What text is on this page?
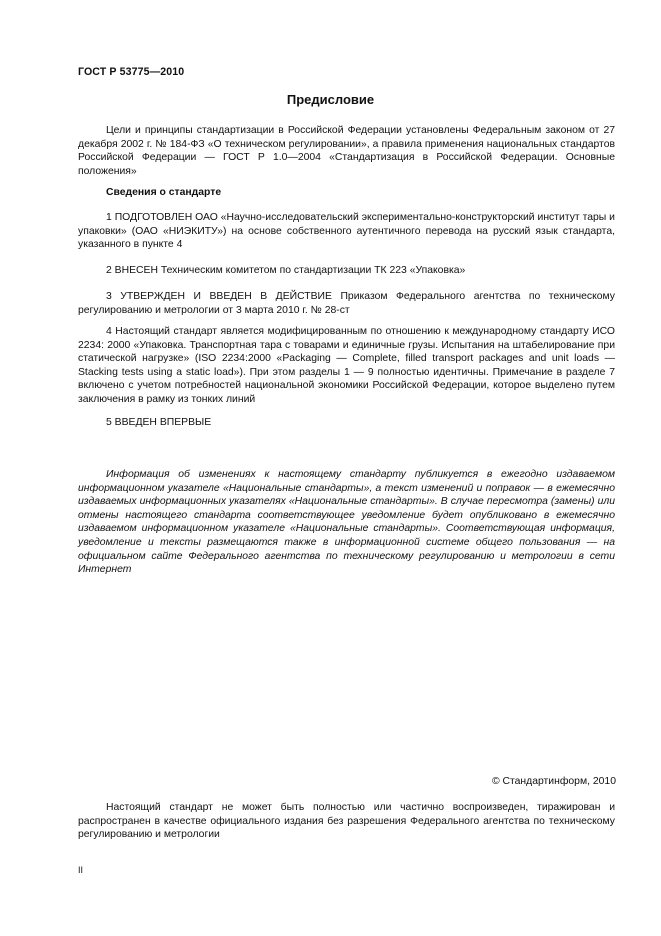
ГОСТ Р 53775—2010
Предисловие

Цели и принципы стандартизации в Российской Федерации установлены Федеральным законом от 27 декабря 2002 г. № 184-ФЗ «О техническом регулировании», а правила применения национальных стандартов Российской Федерации — ГОСТ Р 1.0—2004 «Стандартизация в Российской Федерации. Основные положения»

Сведения о стандарте

1 ПОДГОТОВЛЕН ОАО «Научно-исследовательский экспериментально-конструкторский институт тары и упаковки» (ОАО «НИЭКИТУ») на основе собственного аутентичного перевода на русский язык стандарта, указанного в пункте 4

2 ВНЕСЕН Техническим комитетом по стандартизации ТК 223 «Упаковка»

3 УТВЕРЖДЕН И ВВЕДЕН В ДЕЙСТВИЕ Приказом Федерального агентства по техническому регулированию и метрологии от 3 марта 2010 г. № 28-ст

4 Настоящий стандарт является модифицированным по отношению к международному стандарту ИСО 2234: 2000 «Упаковка. Транспортная тара с товарами и единичные грузы. Испытания на штабелирование при статической нагрузке» (ISO 2234:2000 «Packaging — Complete, filled transport packages and unit loads — Stacking tests using a static load»). При этом разделы 1 — 9 полностью идентичны. Примечание в разделе 7 включено с учетом потребностей национальной экономики Российской Федерации, которое выделено путем заключения в рамку из тонких линий

5 ВВЕДЕН ВПЕРВЫЕ

Информация об изменениях к настоящему стандарту публикуется в ежегодно издаваемом информационном указателе «Национальные стандарты», а текст изменений и поправок — в ежемесячно издаваемых информационных указателях «Национальные стандарты». В случае пересмотра (замены) или отмены настоящего стандарта соответствующее уведомление будет опубликовано в ежемесячно издаваемом информационном указателе «Национальные стандарты». Соответствующая информация, уведомление и тексты размещаются также в информационной системе общего пользования — на официальном сайте Федерального агентства по техническому регулированию и метрологии в сети Интернет

© Стандартинформ, 2010

Настоящий стандарт не может быть полностью или частично воспроизведен, тиражирован и распространен в качестве официального издания без разрешения Федерального агентства по техническому регулированию и метрологии

II
